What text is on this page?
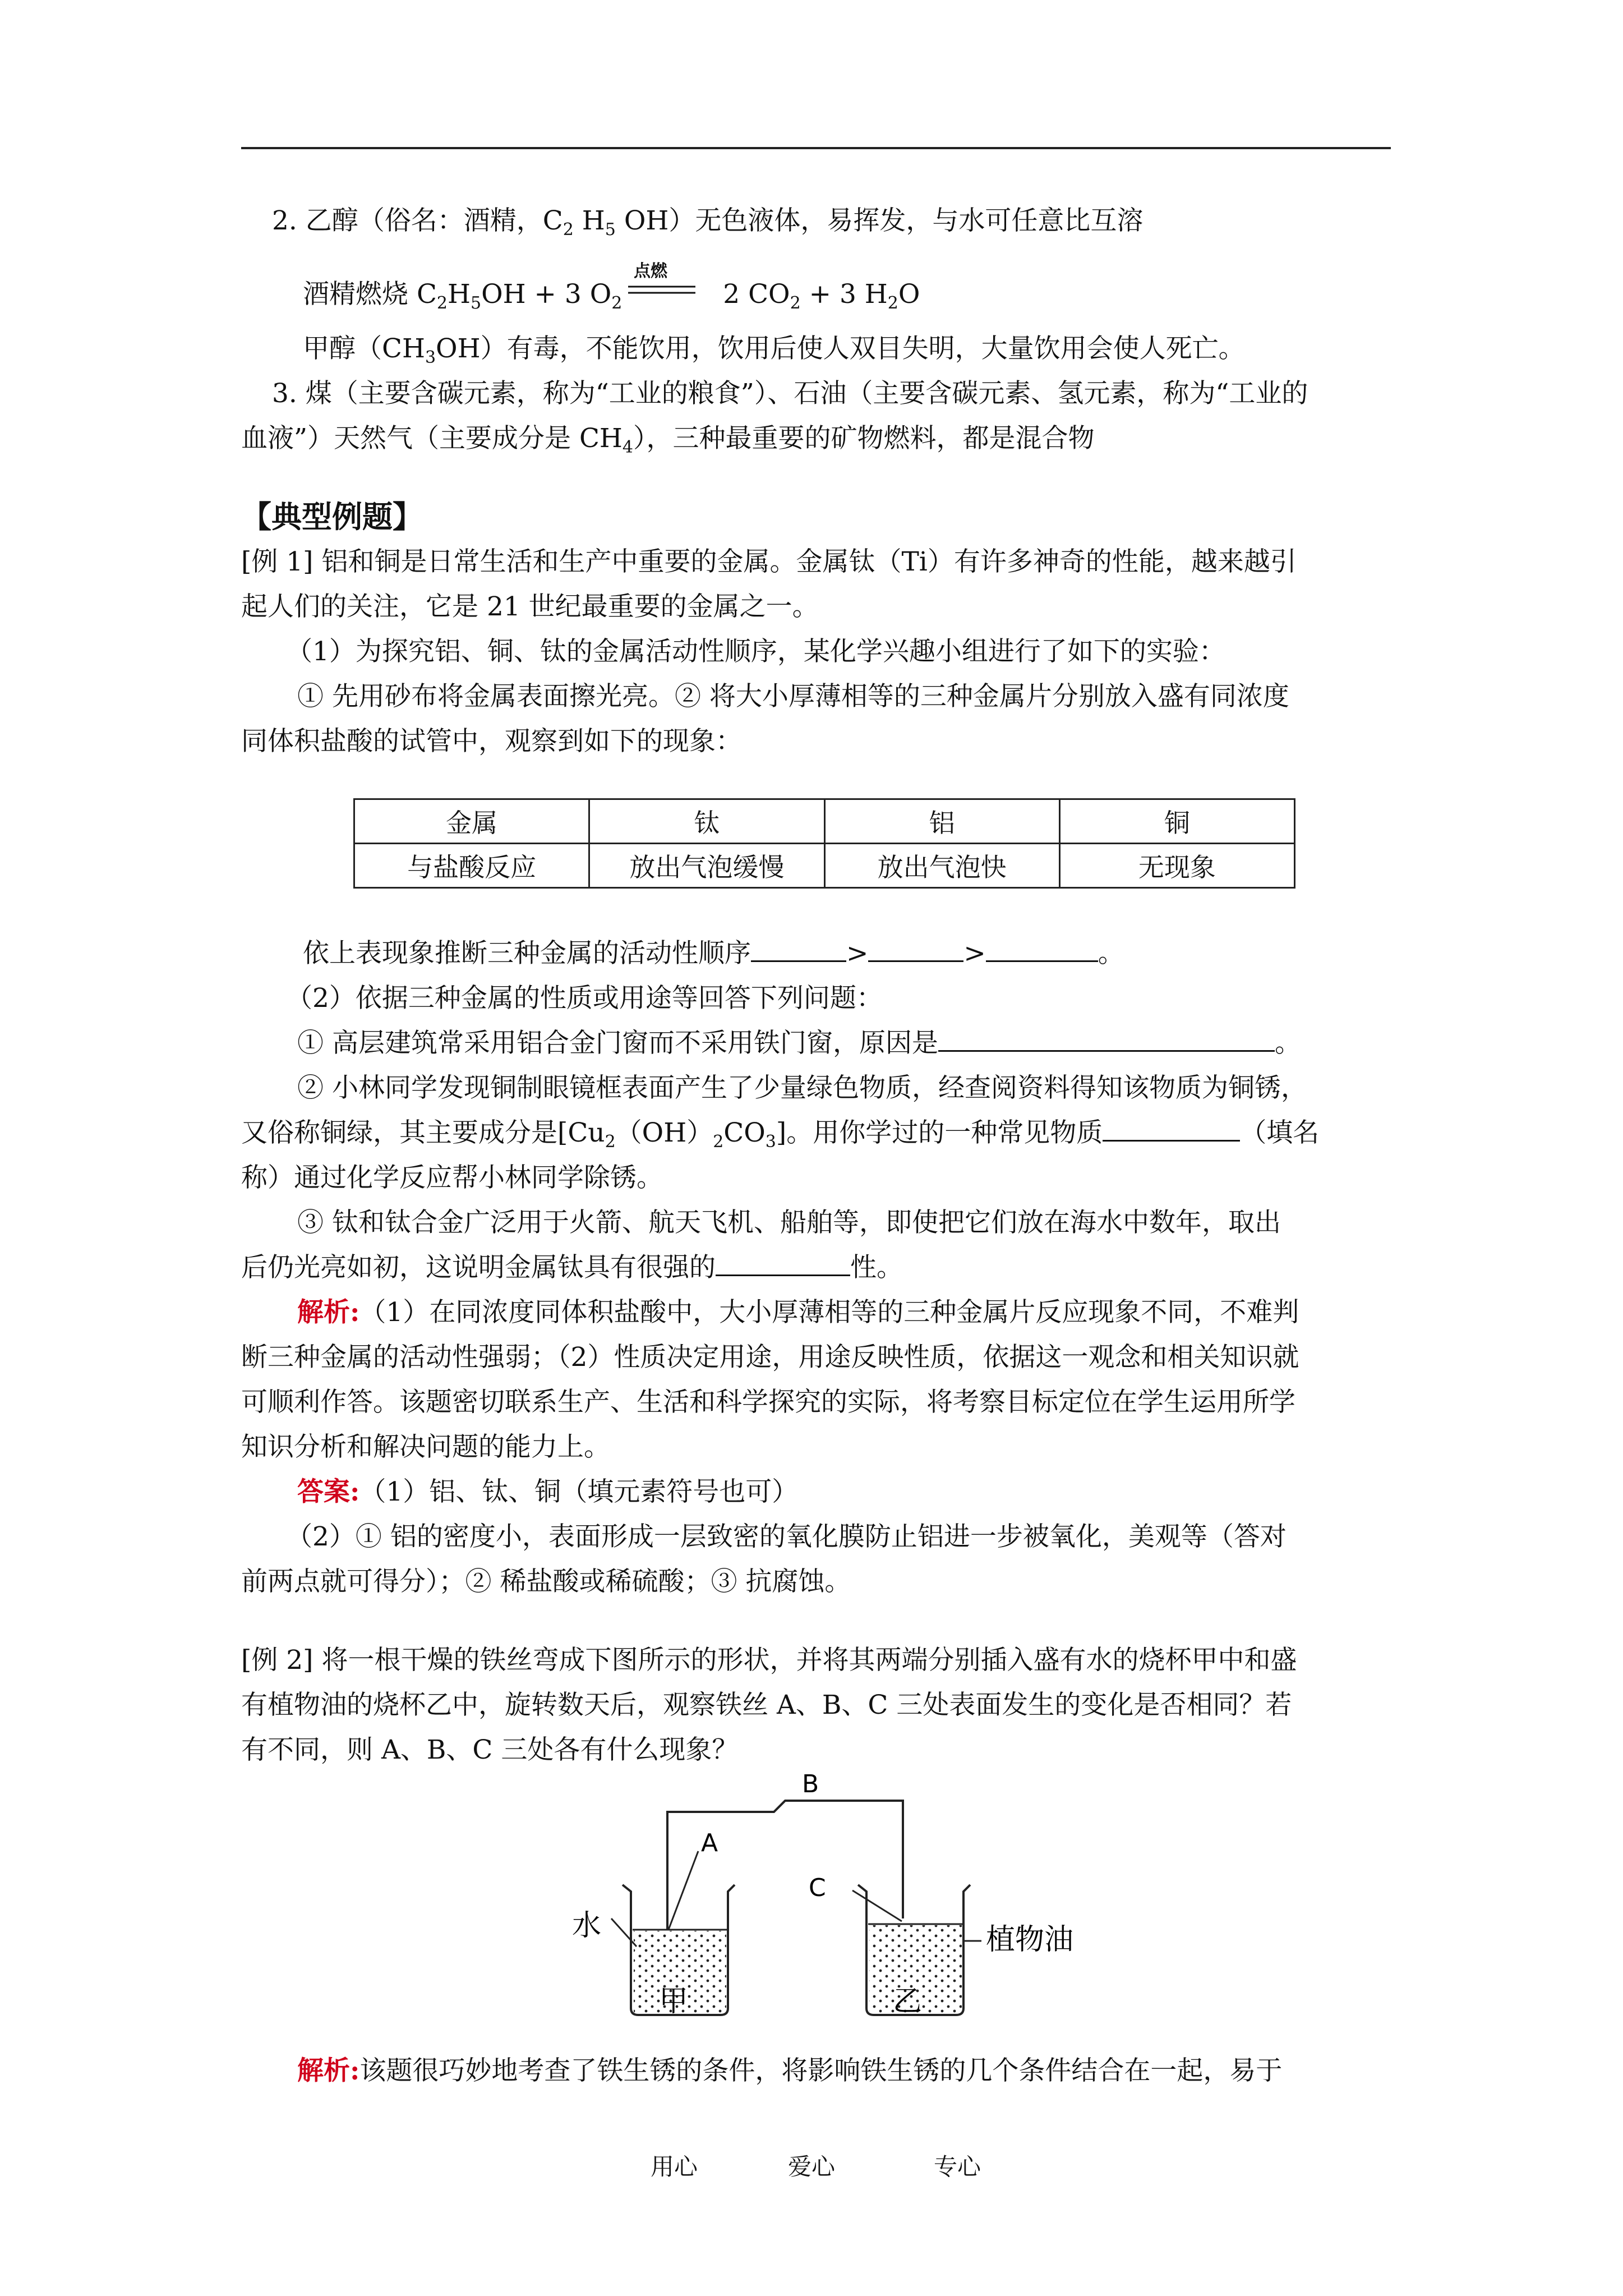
2. 乙醇（俗名：酒精，$C_2$ $H_5$ OH）无色液体，易挥发，与水可任意比互溶
酒精燃烧 $C_2H_5OH + 3$ $O_2$	2 $CO_2 + 3$ $H_2O$
点燃
甲醇$(CH_3OH)$有毒，不能饮用，饮用后使人双目失明，大量饮用会使人死亡。
3. 煤（主要含碳元素，称为“工业的粮食”）、石油（主要含碳元素、氢元素，称为“工业的
血液”）天然气（主要成分是 $CH_4$），三种最重要的矿物燃料，都是混合物
【典型例题】
[例 1] 铝和铜是日常生活和生产中重要的金属。金属钛（Ti）有许多神奇的性能，越来越引
起人们的关注，它是 21 世纪最重要的金属之一。
（1）为探究铝、铜、钛的金属活动性顺序，某化学兴趣小组进行了如下的实验：
① 先用砂布将金属表面擦光亮。② 将大小厚薄相等的三种金属片分别放入盛有同浓度
同体积盐酸的试管中，观察到如下的现象：
金属	钛	铝	铜
与盐酸反应	放出气泡缓慢	放出气泡快	无现象
依上表现象推断三种金属的活动性顺序	>	>	。
（2）依据三种金属的性质或用途等回答下列问题：
① 高层建筑常采用铝合金门窗而不采用铁门窗，原因是	。
② 小林同学发现铜制眼镜框表面产生了少量绿色物质，经查阅资料得知该物质为铜锈，
又俗称铜绿，其主要成分是$[Cu_2(OH)_2CO_3]$。用你学过的一种常见物质	（填名
称）通过化学反应帮小林同学除锈。
③ 钛和钛合金广泛用于火箭、航天飞机、船舶等，即使把它们放在海水中数年，取出
后仍光亮如初，这说明金属钛具有很强的	性。
解析:（1）在同浓度同体积盐酸中，大小厚薄相等的三种金属片反应现象不同，不难判
断三种金属的活动性强弱；（2）性质决定用途，用途反映性质，依据这一观念和相关知识就
可顺利作答。该题密切联系生产、生活和科学探究的实际，将考察目标定位在学生运用所学
知识分析和解决问题的能力上。
答案:（1）铝、钛、铜（填元素符号也可）
（2）① 铝的密度小，表面形成一层致密的氧化膜防止铝进一步被氧化，美观等（答对
前两点就可得分）；② 稀盐酸或稀硫酸；③ 抗腐蚀。
[例 2] 将一根干燥的铁丝弯成下图所示的形状，并将其两端分别插入盛有水的烧杯甲中和盛
有植物油的烧杯乙中，旋转数天后，观察铁丝 A、B、C 三处表面发生的变化是否相同？若
有不同，则 A、B、C 三处各有什么现象？
B
A
C
水	植物油
甲	乙
解析:该题很巧妙地考查了铁生锈的条件，将影响铁生锈的几个条件结合在一起，易于
用心	爱心	专心
